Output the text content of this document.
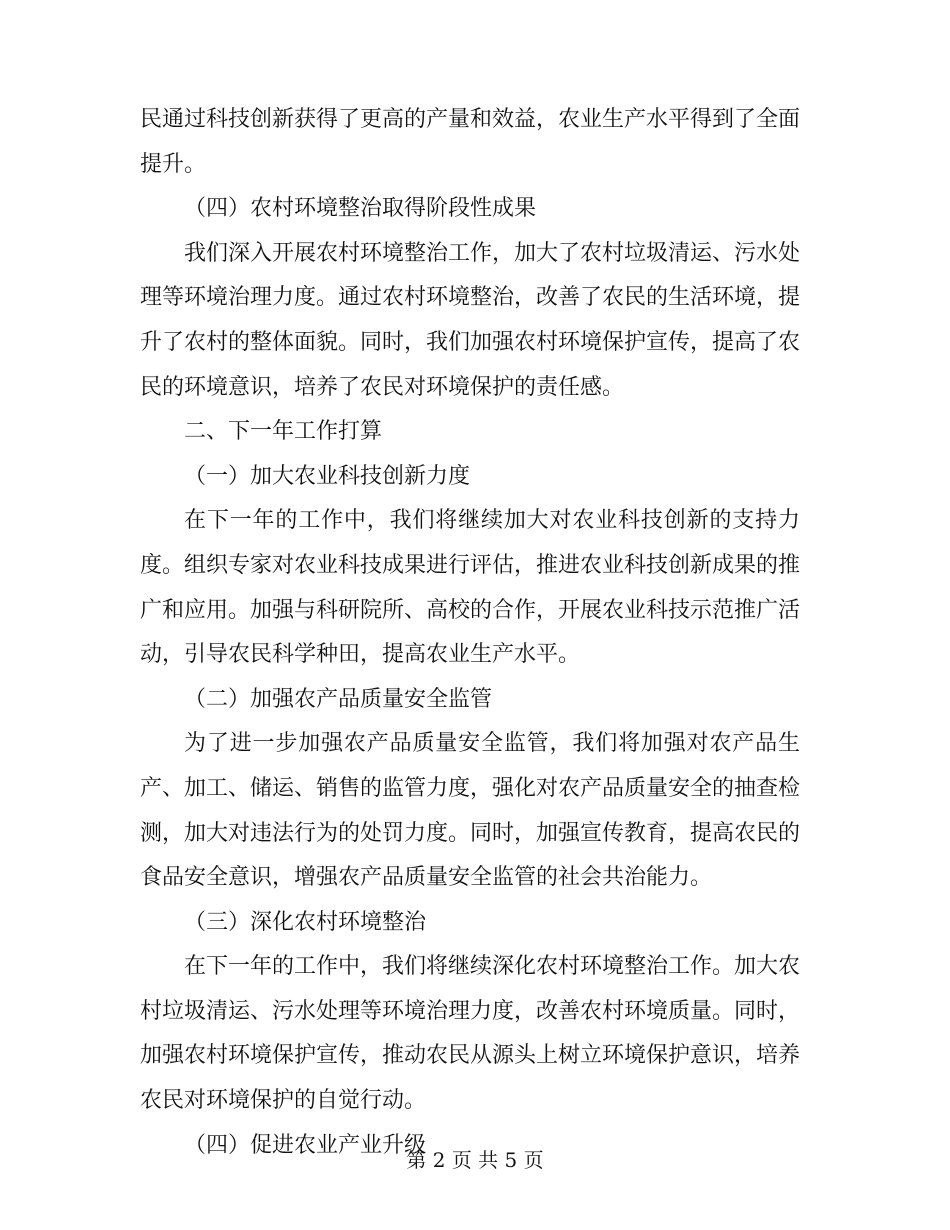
民通过科技创新获得了更高的产量和效益，农业生产水平得到了全面提升。

（四）农村环境整治取得阶段性成果

我们深入开展农村环境整治工作，加大了农村垃圾清运、污水处理等环境治理力度。通过农村环境整治，改善了农民的生活环境，提升了农村的整体面貌。同时，我们加强农村环境保护宣传，提高了农民的环境意识，培养了农民对环境保护的责任感。

二、下一年工作打算

（一）加大农业科技创新力度

在下一年的工作中，我们将继续加大对农业科技创新的支持力度。组织专家对农业科技成果进行评估，推进农业科技创新成果的推广和应用。加强与科研院所、高校的合作，开展农业科技示范推广活动，引导农民科学种田，提高农业生产水平。

（二）加强农产品质量安全监管

为了进一步加强农产品质量安全监管，我们将加强对农产品生产、加工、储运、销售的监管力度，强化对农产品质量安全的抽查检测，加大对违法行为的处罚力度。同时，加强宣传教育，提高农民的食品安全意识，增强农产品质量安全监管的社会共治能力。

（三）深化农村环境整治

在下一年的工作中，我们将继续深化农村环境整治工作。加大农村垃圾清运、污水处理等环境治理力度，改善农村环境质量。同时，加强农村环境保护宣传，推动农民从源头上树立环境保护意识，培养农民对环境保护的自觉行动。

（四）促进农业产业升级

第 2 页 共 5 页
